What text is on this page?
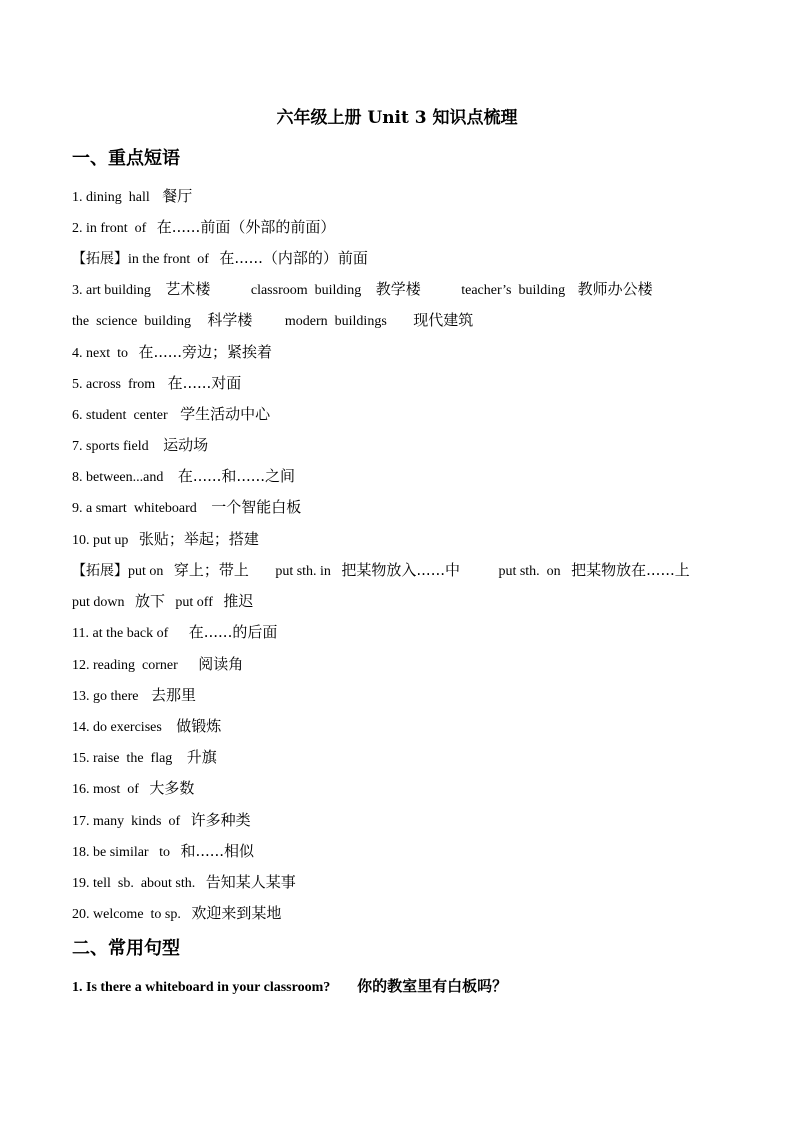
六年级上册 Unit 3 知识点梳理
一、重点短语
1. dining  hall 餐厅
2. in front  of 在......前面（外部的前面）
【拓展】in the front  of 在......（内部的）前面
3. art building 艺术楼	classroom  building 教学楼	teacher’s  building 教师办公楼
the  science  building 科学楼 modern  buildings 现代建筑
4. next  to 在......旁边；紧挨着
5. across  from 在......对面
6. student  center 学生活动中心
7. sports field 运动场
8. between...and 在......和......之间
9. a smart  whiteboard 一个智能白板
10. put up 张贴；举起；搭建
【拓展】put on 穿上；带上 put sth. in 把某物放入......中	put sth.  on 把某物放在......上
put down 放下 put off 推迟
11. at the back of 在......的后面
12. reading  corner 阅读角
13. go there 去那里
14. do exercises 做锻炼
15. raise  the  flag 升旗
16. most  of 大多数
17. many  kinds  of 许多种类
18. be similar   to 和......相似
19. tell  sb.  about sth. 告知某人某事
20. welcome  to sp. 欢迎来到某地
二、常用句型
1. Is there a whiteboard in your classroom? 你的教室里有白板吗？
